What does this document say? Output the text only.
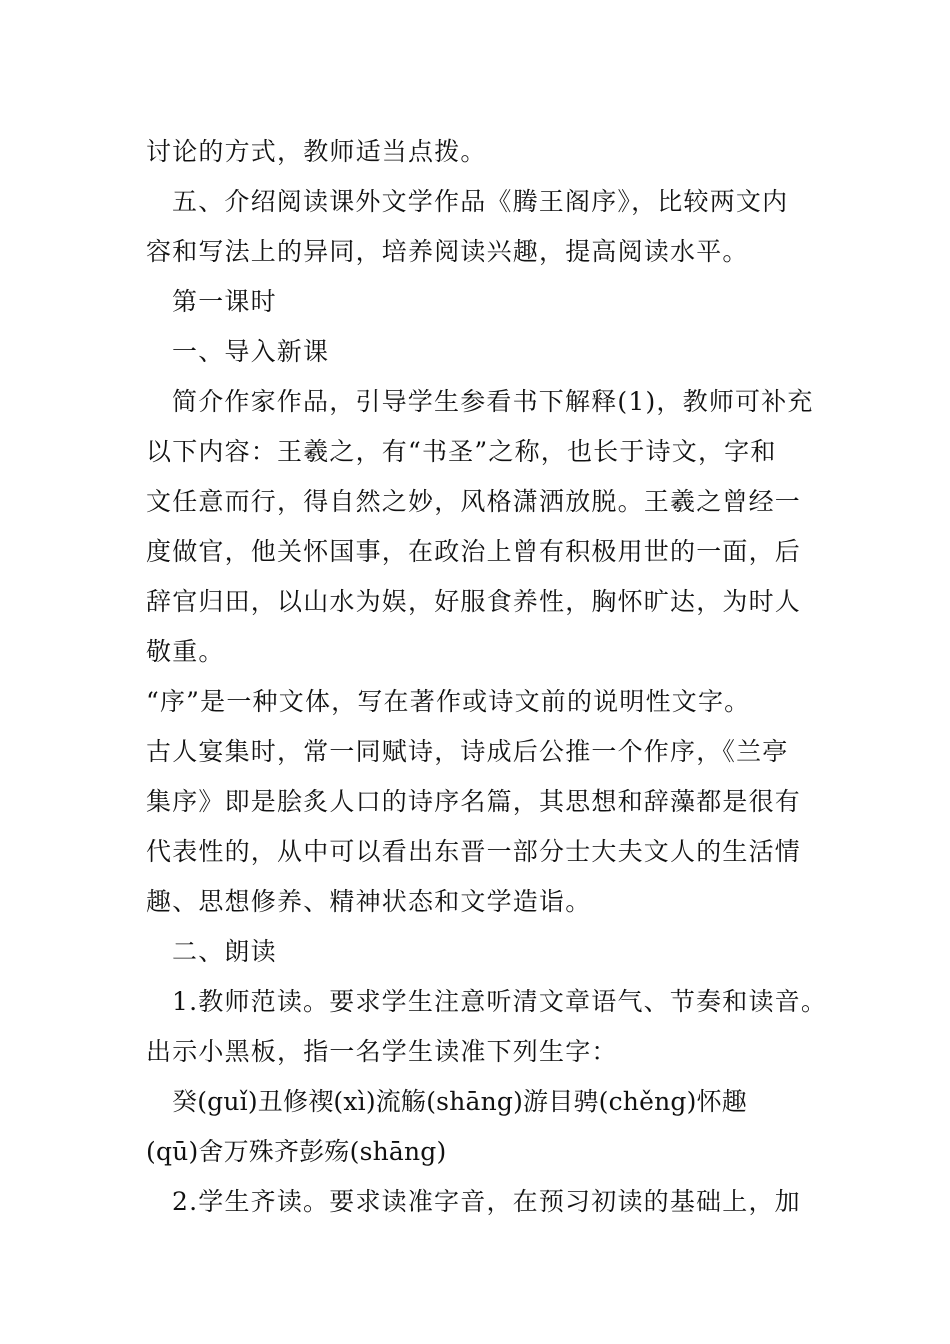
讨论的方式，教师适当点拨。
五、介绍阅读课外文学作品《腾王阁序》，比较两文内
容和写法上的异同，培养阅读兴趣，提高阅读水平。
第一课时
一、导入新课
简介作家作品，引导学生参看书下解释(1)，教师可补充
以下内容：王羲之，有“书圣”之称，也长于诗文，字和
文任意而行，得自然之妙，风格潇洒放脱。王羲之曾经一
度做官，他关怀国事，在政治上曾有积极用世的一面，后
辞官归田，以山水为娱，好服食养性，胸怀旷达，为时人
敬重。
“序”是一种文体，写在著作或诗文前的说明性文字。
古人宴集时，常一同赋诗，诗成后公推一个作序，《兰亭
集序》即是脍炙人口的诗序名篇，其思想和辞藻都是很有
代表性的，从中可以看出东晋一部分士大夫文人的生活情
趣、思想修养、精神状态和文学造诣。
二、朗读
1.教师范读。要求学生注意听清文章语气、节奏和读音。
出示小黑板，指一名学生读准下列生字：
癸(guǐ)丑修禊(xì)流觞(shāng)游目骋(chěng)怀趣
(qū)舍万殊齐彭殇(shāng)
2.学生齐读。要求读准字音，在预习初读的基础上，加
